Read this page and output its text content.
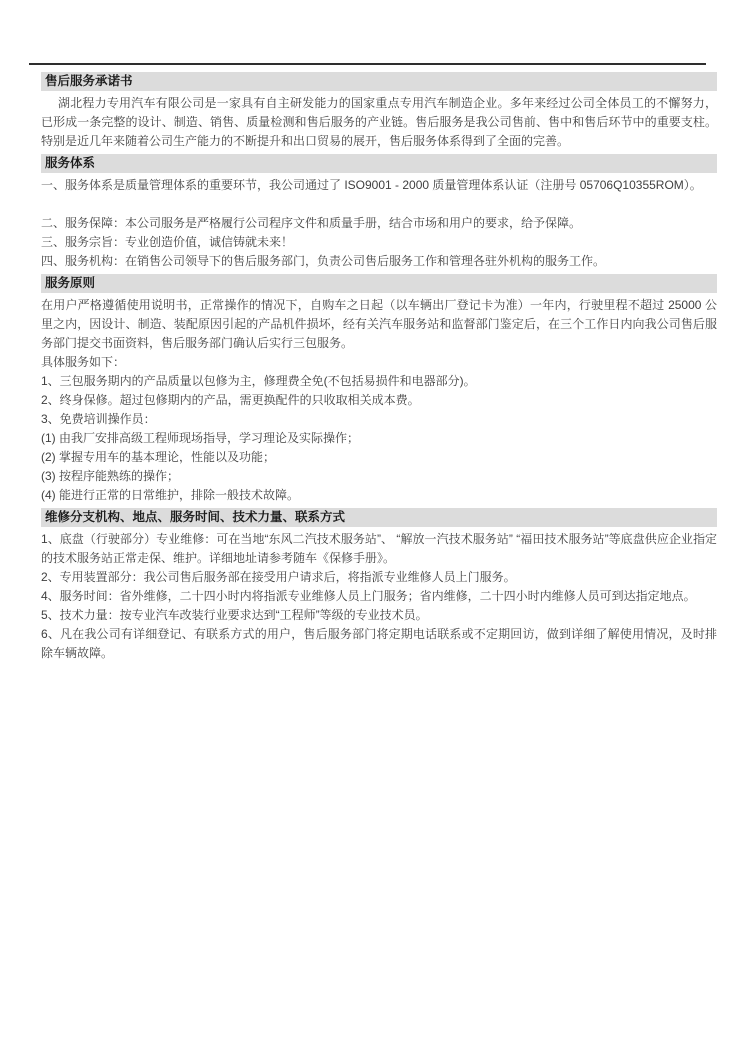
售后服务承诺书

湖北程力专用汽车有限公司是一家具有自主研发能力的国家重点专用汽车制造企业。多年来经过公司全体员工的不懈努力，已形成一条完整的设计、制造、销售、质量检测和售后服务的产业链。售后服务是我公司售前、售中和售后环节中的重要支柱。特别是近几年来随着公司生产能力的不断提升和出口贸易的展开，售后服务体系得到了全面的完善。

服务体系

一、服务体系是质量管理体系的重要环节，我公司通过了 ISO9001 - 2000 质量管理体系认证（注册号 05706Q10355ROM）。

二、服务保障：本公司服务是严格履行公司程序文件和质量手册，结合市场和用户的要求，给予保障。

三、服务宗旨：专业创造价值，诚信铸就未来！

四、服务机构：在销售公司领导下的售后服务部门，负责公司售后服务工作和管理各驻外机构的服务工作。

服务原则

在用户严格遵循使用说明书，正常操作的情况下，自购车之日起（以车辆出厂登记卡为准）一年内，行驶里程不超过 25000 公里之内，因设计、制造、装配原因引起的产品机件损坏，经有关汽车服务站和监督部门鉴定后，在三个工作日内向我公司售后服务部门提交书面资料，售后服务部门确认后实行三包服务。

具体服务如下：

1、三包服务期内的产品质量以包修为主，修理费全免(不包括易损件和电器部分)。

2、终身保修。超过包修期内的产品，需更换配件的只收取相关成本费。

3、免费培训操作员：

(1) 由我厂安排高级工程师现场指导，学习理论及实际操作；

(2) 掌握专用车的基本理论，性能以及功能；

(3) 按程序能熟练的操作；

(4) 能进行正常的日常维护，排除一般技术故障。

维修分支机构、地点、服务时间、技术力量、联系方式

1、底盘（行驶部分）专业维修：可在当地“东风二汽技术服务站”、 “解放一汽技术服务站” “福田技术服务站”等底盘供应企业指定的技术服务站正常走保、维护。详细地址请参考随车《保修手册》。

2、专用装置部分：我公司售后服务部在接受用户请求后，将指派专业维修人员上门服务。

4、服务时间：省外维修，二十四小时内将指派专业维修人员上门服务；省内维修，二十四小时内维修人员可到达指定地点。

5、技术力量：按专业汽车改装行业要求达到“工程师”等级的专业技术员。

6、凡在我公司有详细登记、有联系方式的用户，售后服务部门将定期电话联系或不定期回访，做到详细了解使用情况，及时排除车辆故障。
